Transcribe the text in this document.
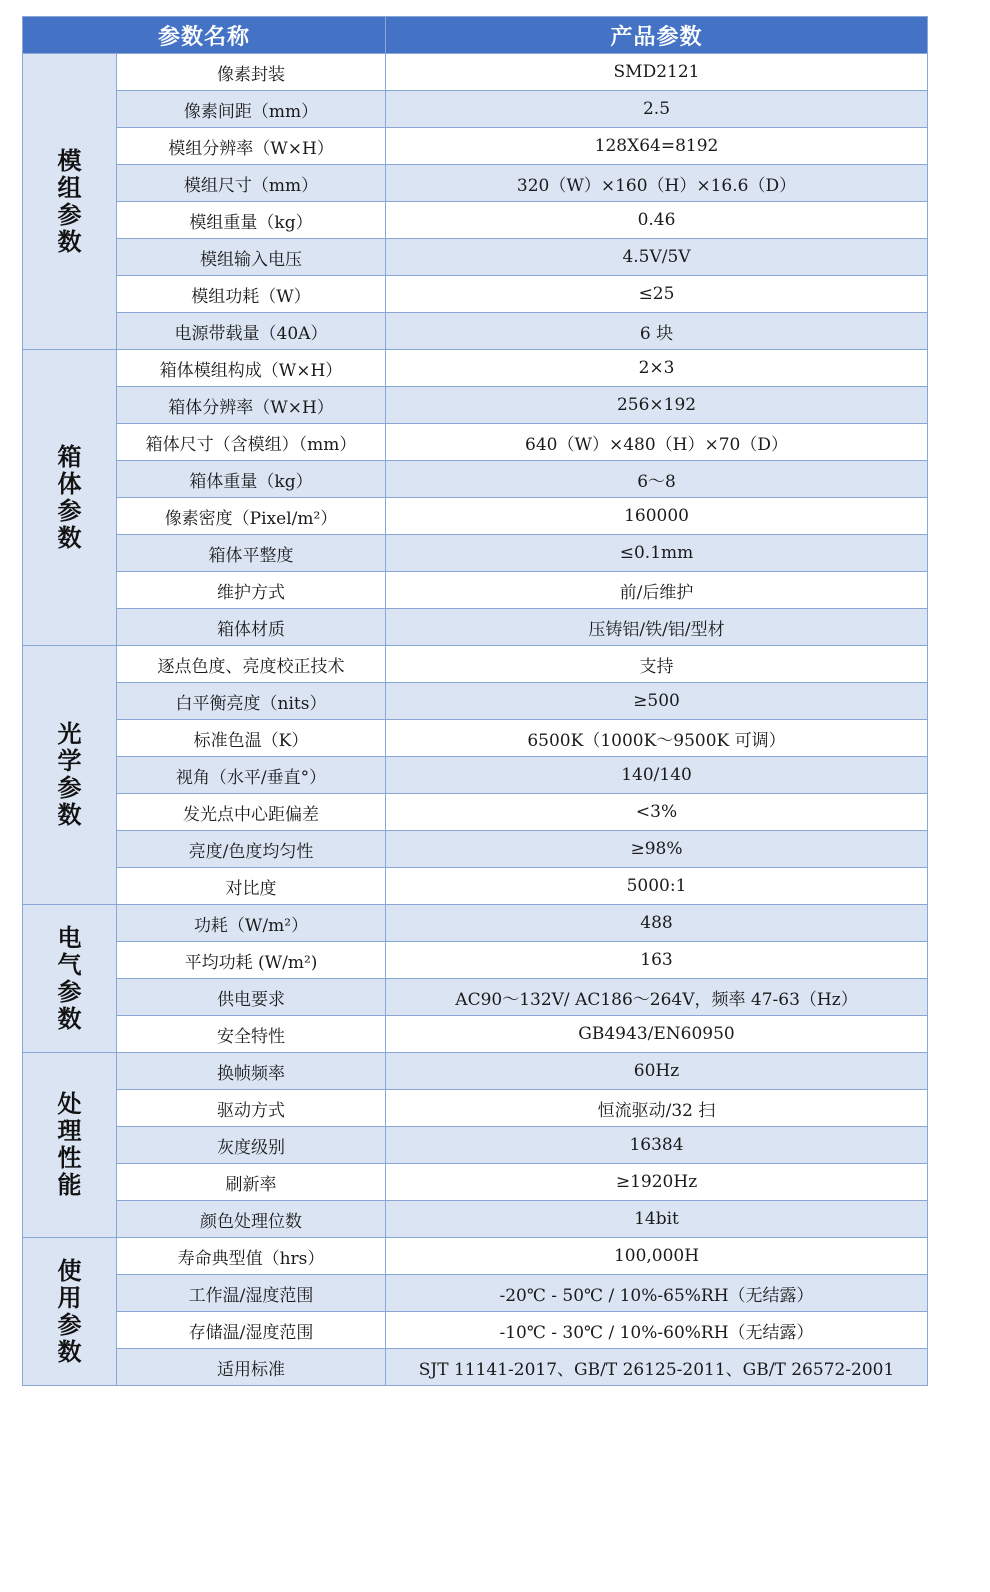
参数名称		产品参数
模组参数	像素封装	SMD2121
	像素间距（mm）	2.5
	模组分辨率（W×H）	128X64=8192
	模组尺寸（mm）	320（W）×160（H）×16.6（D）
	模组重量（kg）	0.46
	模组输入电压	4.5V/5V
	模组功耗（W）	≤25
	电源带载量（40A）	6 块
箱体参数	箱体模组构成（W×H）	2×3
	箱体分辨率（W×H）	256×192
	箱体尺寸（含模组）（mm）	640（W）×480（H）×70（D）
	箱体重量（kg）	6～8
	像素密度（Pixel/m²）	160000
	箱体平整度	≤0.1mm
	维护方式	前/后维护
	箱体材质	压铸铝/铁/铝/型材
光学参数	逐点色度、亮度校正技术	支持
	白平衡亮度（nits）	≥500
	标准色温（K）	6500K（1000K～9500K 可调）
	视角（水平/垂直°）	140/140
	发光点中心距偏差	<3%
	亮度/色度均匀性	≥98%
	对比度	5000:1
电气参数	功耗（W/m²）	488
	平均功耗 (W/m²)	163
	供电要求	AC90～132V/ AC186～264V，频率 47-63（Hz）
	安全特性	GB4943/EN60950
处理性能	换帧频率	60Hz
	驱动方式	恒流驱动/32 扫
	灰度级别	16384
	刷新率	≥1920Hz
	颜色处理位数	14bit
使用参数	寿命典型值（hrs）	100,000H
	工作温/湿度范围	-20℃ - 50℃ / 10%-65%RH（无结露）
	存储温/湿度范围	-10℃ - 30℃ / 10%-60%RH（无结露）
	适用标准	SJT 11141-2017、GB/T 26125-2011、GB/T 26572-2001
